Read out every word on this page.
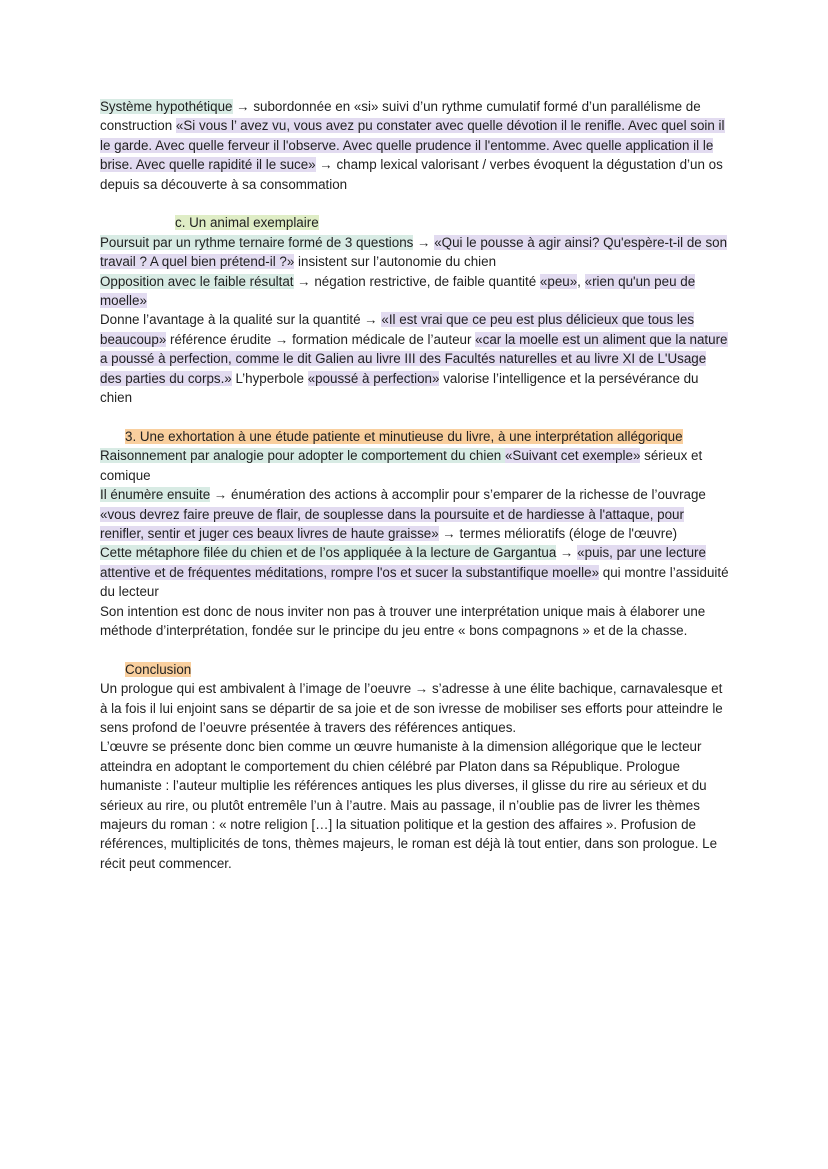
Système hypothétique → subordonnée en «si» suivi d’un rythme cumulatif formé d’un parallélisme de construction «Si vous l’ avez vu, vous avez pu constater avec quelle dévotion il le renifle. Avec quel soin il le garde. Avec quelle ferveur il l'observe. Avec quelle prudence il l'entomme. Avec quelle application il le brise. Avec quelle rapidité il le suce» → champ lexical valorisant / verbes évoquent la dégustation d’un os depuis sa découverte à sa consommation

c. Un animal exemplaire

Poursuit par un rythme ternaire formé de 3 questions → «Qui le pousse à agir ainsi? Qu'espère-t-il de son travail ? A quel bien prétend-il ?» insistent sur l’autonomie du chien

Opposition avec le faible résultat → négation restrictive, de faible quantité «peu», «rien qu'un peu de moelle»

Donne l’avantage à la qualité sur la quantité → «Il est vrai que ce peu est plus délicieux que tous les beaucoup» référence érudite → formation médicale de l’auteur «car la moelle est un aliment que la nature a poussé à perfection, comme le dit Galien au livre III des Facultés naturelles et au livre XI de L'Usage des parties du corps.» L’hyperbole «poussé à perfection» valorise l’intelligence et la persévérance du chien

3. Une exhortation à une étude patiente et minutieuse du livre, à une interprétation allégorique

Raisonnement par analogie pour adopter le comportement du chien «Suivant cet exemple» sérieux et comique

Il énumère ensuite → énumération des actions à accomplir pour s’emparer de la richesse de l’ouvrage «vous devrez faire preuve de flair, de souplesse dans la poursuite et de hardiesse à l'attaque, pour renifler, sentir et juger ces beaux livres de haute graisse» → termes mélioratifs (éloge de l'œuvre)

Cette métaphore filée du chien et de l’os appliquée à la lecture de Gargantua → «puis, par une lecture attentive et de fréquentes méditations, rompre l'os et sucer la substantifique moelle» qui montre l’assiduité du lecteur

Son intention est donc de nous inviter non pas à trouver une interprétation unique mais à élaborer une méthode d’interprétation, fondée sur le principe du jeu entre « bons compagnons » et de la chasse.

Conclusion

Un prologue qui est ambivalent à l’image de l’oeuvre → s’adresse à une élite bachique, carnavalesque et à la fois il lui enjoint sans se départir de sa joie et de son ivresse de mobiliser ses efforts pour atteindre le sens profond de l’oeuvre présentée à travers des références antiques.

L’œuvre se présente donc bien comme un œuvre humaniste à la dimension allégorique que le lecteur atteindra en adoptant le comportement du chien célébré par Platon dans sa République. Prologue humaniste : l’auteur multiplie les références antiques les plus diverses, il glisse du rire au sérieux et du sérieux au rire, ou plutôt entremêle l’un à l’autre. Mais au passage, il n’oublie pas de livrer les thèmes majeurs du roman : « notre religion […] la situation politique et la gestion des affaires ». Profusion de références, multiplicités de tons, thèmes majeurs, le roman est déjà là tout entier, dans son prologue. Le récit peut commencer.
